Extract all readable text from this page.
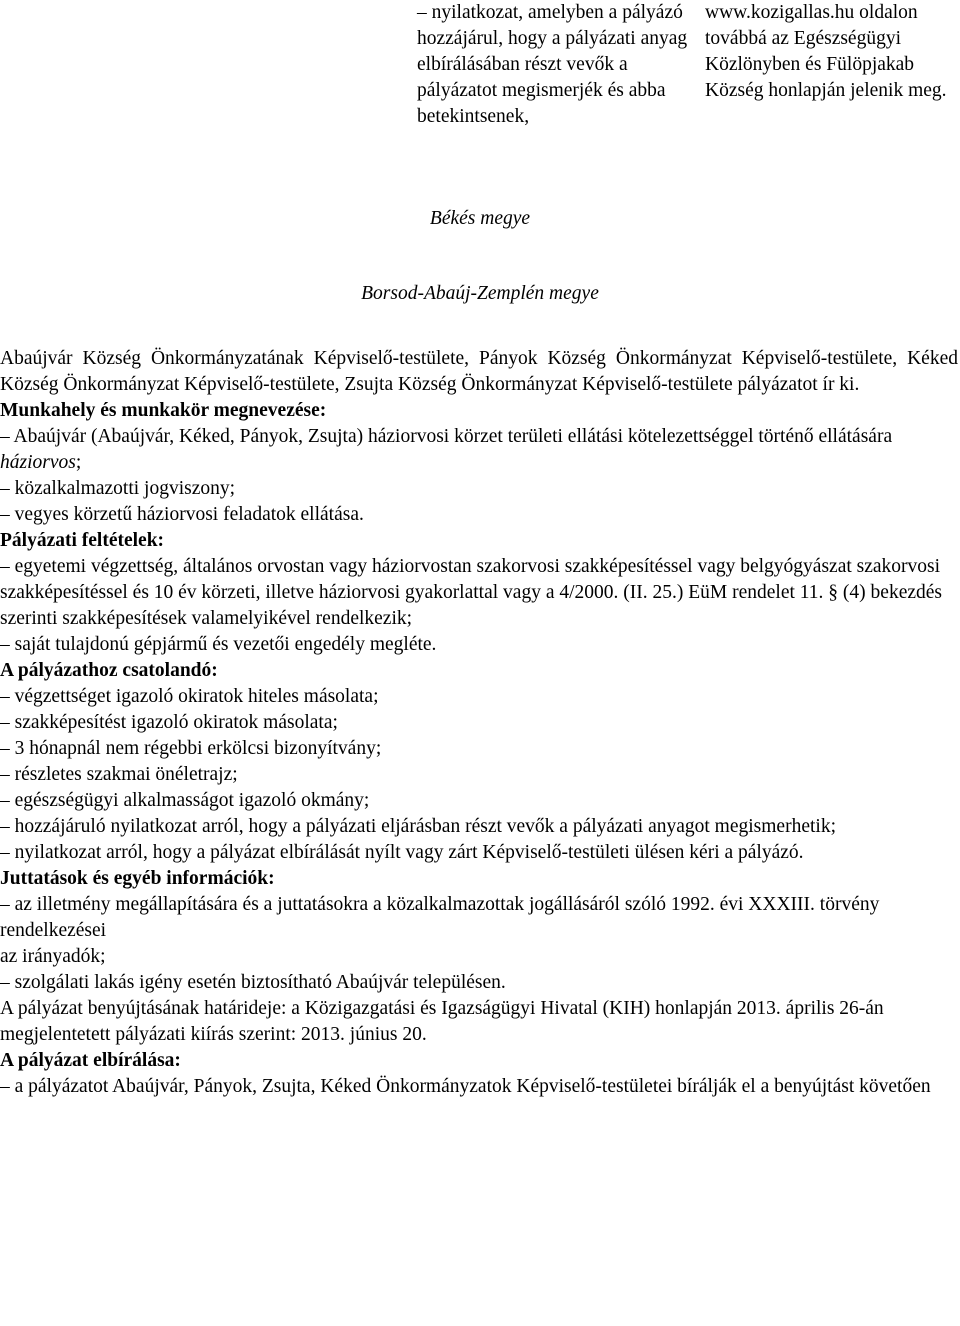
– nyilatkozat, amelyben a pályázó hozzájárul, hogy a pályázati anyag elbírálásában részt vevők a pályázatot megismerjék és abba betekintsenek,

www.kozigallas.hu oldalon továbbá az Egészségügyi Közlönyben és Fülöpjakab Község honlapján jelenik meg.

Békés megye

Borsod-Abaúj-Zemplén megye

Abaújvár Község Önkormányzatának Képviselő-testülete, Pányok Község Önkormányzat Képviselő-testülete, Kéked Község Önkormányzat Képviselő-testülete, Zsujta Község Önkormányzat Képviselő-testülete pályázatot ír ki.

Munkahely és munkakör megnevezése:

– Abaújvár (Abaújvár, Kéked, Pányok, Zsujta) háziorvosi körzet területi ellátási kötelezettséggel történő ellátására háziorvos;

– közalkalmazotti jogviszony;

– vegyes körzetű háziorvosi feladatok ellátása.

Pályázati feltételek:

– egyetemi végzettség, általános orvostan vagy háziorvostan szakorvosi szakképesítéssel vagy belgyógyászat szakorvosi szakképesítéssel és 10 év körzeti, illetve háziorvosi gyakorlattal vagy a 4/2000. (II. 25.) EüM rendelet 11. § (4) bekezdés szerinti szakképesítések valamelyikével rendelkezik;

– saját tulajdonú gépjármű és vezetői engedély megléte.

A pályázathoz csatolandó:

– végzettséget igazoló okiratok hiteles másolata;

– szakképesítést igazoló okiratok másolata;

– 3 hónapnál nem régebbi erkölcsi bizonyítvány;

– részletes szakmai önéletrajz;

– egészségügyi alkalmasságot igazoló okmány;

– hozzájáruló nyilatkozat arról, hogy a pályázati eljárásban részt vevők a pályázati anyagot megismerhetik;

– nyilatkozat arról, hogy a pályázat elbírálását nyílt vagy zárt Képviselő-testületi ülésen kéri a pályázó.

Juttatások és egyéb információk:

– az illetmény megállapítására és a juttatásokra a közalkalmazottak jogállásáról szóló 1992. évi XXXIII. törvény rendelkezései

az irányadók;

– szolgálati lakás igény esetén biztosítható Abaújvár településen.

A pályázat benyújtásának határideje: a Közigazgatási és Igazságügyi Hivatal (KIH) honlapján 2013. április 26-án megjelentetett pályázati kiírás szerint: 2013. június 20.

A pályázat elbírálása:

– a pályázatot Abaújvár, Pányok, Zsujta, Kéked Önkormányzatok Képviselő-testületei bírálják el a benyújtást követően
